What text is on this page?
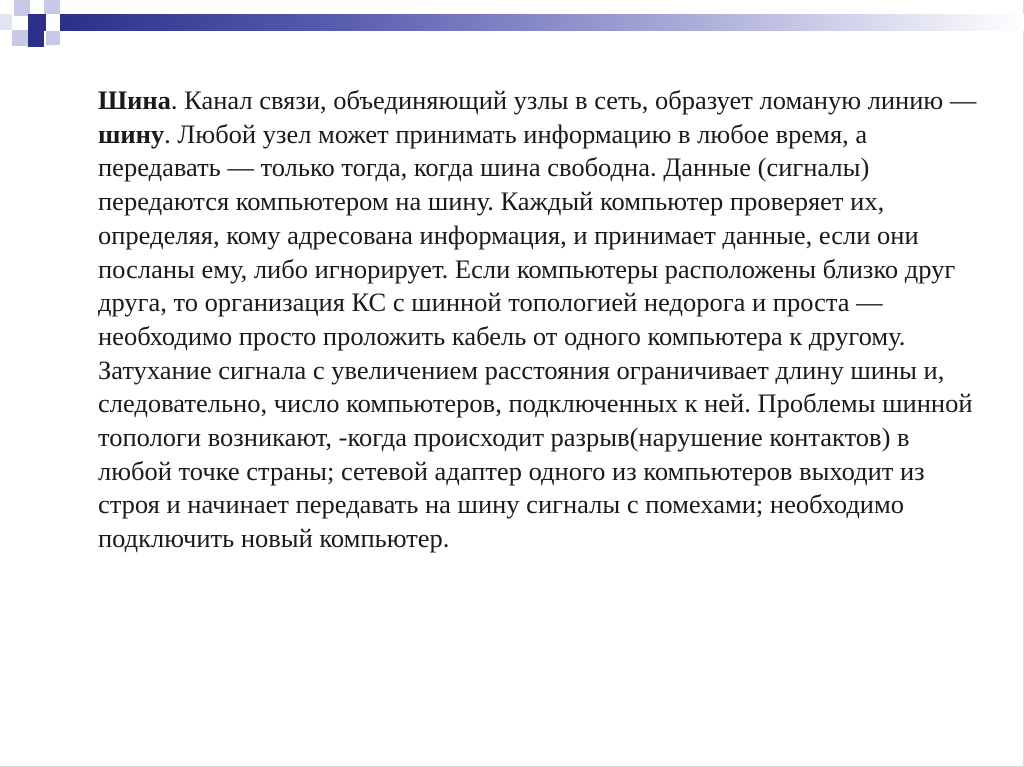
Шина. Канал связи, объединяющий узлы в сеть, образует ломаную линию — шину. Любой узел может принимать информацию в любое время, а передавать — только тогда, когда шина свободна. Данные (сигналы) передаются компьютером на шину. Каждый компьютер проверяет их, определяя, кому адресована информация, и принимает данные, если они посланы ему, либо игнорирует. Если компьютеры расположены близко друг друга, то организация КС с шинной топологией недорога и проста — необходимо просто проложить кабель от одного компьютера к другому. Затухание сигнала с увеличением расстояния ограничивает длину шины и, следовательно, число компьютеров, подключенных к ней. Проблемы шинной топологи возникают, -когда происходит разрыв(нарушение контактов) в любой точке страны; сетевой адаптер одного из компьютеров выходит из строя и начинает передавать на шину сигналы с помехами; необходимо подключить новый компьютер.
